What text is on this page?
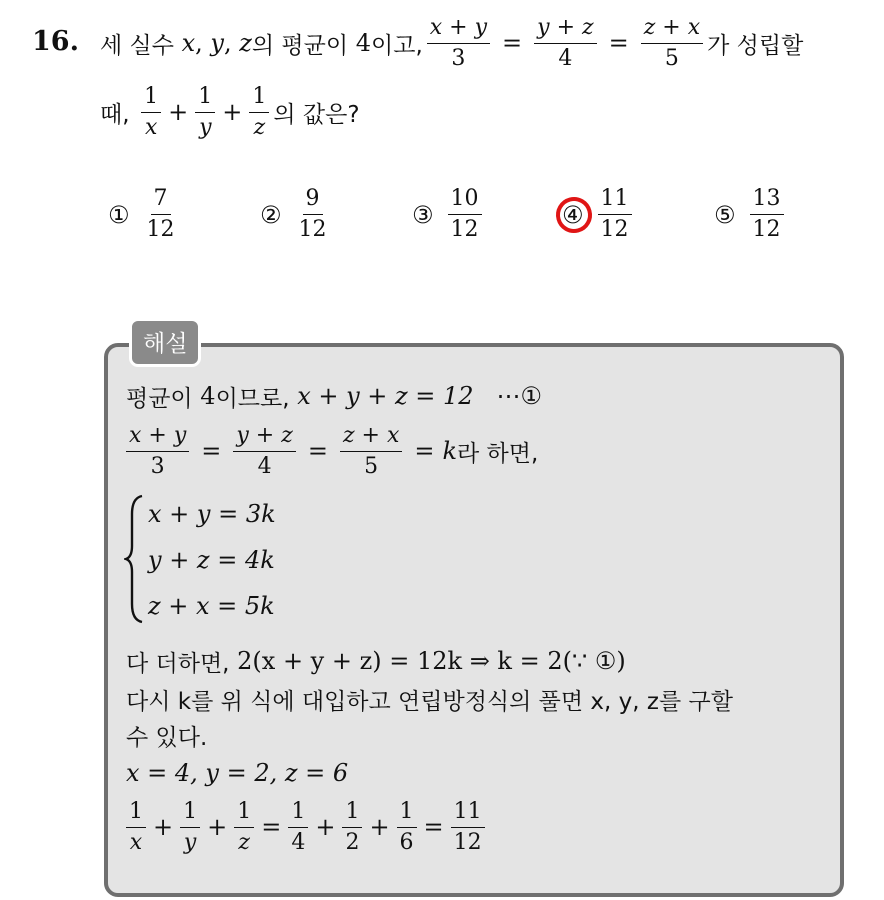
16. 세 실수
x , y , z 의 평균이
4 이고, $\frac{x + y}{3} = \frac{y + z}{4} = \frac{z + x}{5}$ 가 성립할
때,
$\frac{1}{x} + \frac{1}{y} + \frac{1}{z}$ 의 값은?
① $\frac{7}{12}$	② $\frac{9}{12}$	③ $\frac{10}{12}$	④ $\frac{11}{12}$	⑤ $\frac{13}{12}$
해설
평균이
4 이므로,
x + y + z = 12
⋯①
$\frac{x + y}{3} = \frac{y + z}{4} = \frac{z + x}{5} = k$ 라 하면,
x + y = 3k
y + z = 4k
z + x = 5k
다 더하면,
2(x + y + z) = 12k ⇒ k = 2(∵ ①)
다시 k를 위 식에 대입하고 연립방정식의 풀면 x, y, z를 구할
수 있다.
x = 4, y = 2, z = 6
$\frac{1}{x} + \frac{1}{y} + \frac{1}{z} = \frac{1}{4} + \frac{1}{2} + \frac{1}{6} = \frac{11}{12}$
